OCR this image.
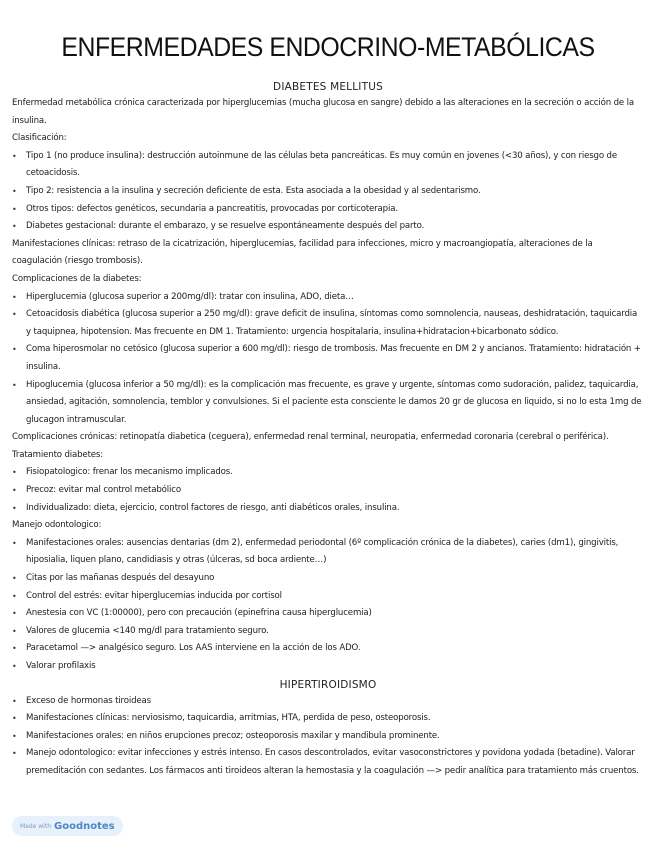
ENFERMEDADES ENDOCRINO-METABÓLICAS
DIABETES MELLITUS

Enfermedad metabólica crónica caracterizada por hiperglucemias (mucha glucosa en sangre) debido a las alteraciones en la secreción o acción de la insulina.

Clasificación:

• Tipo 1 (no produce insulina): destrucción autoinmune de las células beta pancreáticas. Es muy común en jovenes (<30 años), y con riesgo de cetoacidosis.
• Tipo 2: resistencia a la insulina y secreción deficiente de esta. Esta asociada a la obesidad y al sedentarismo.
• Otros tipos: defectos genéticos, secundaria a pancreatitis, provocadas por corticoterapia.
• Diabetes gestacional: durante el embarazo, y se resuelve espontáneamente después del parto.

Manifestaciones clínicas: retraso de la cicatrización, hiperglucemias, facilidad para infecciones, micro y macroangiopatía, alteraciones de la coagulación (riesgo trombosis).

Complicaciones de la diabetes:

• Hiperglucemia (glucosa superior a 200mg/dl): tratar con insulina, ADO, dieta…
• Cetoacidosis diabética (glucosa superior a 250 mg/dl): grave deficit de insulina, síntomas como somnolencia, nauseas, deshidratación, taquicardia y taquipnea, hipotension. Mas frecuente en DM 1. Tratamiento: urgencia hospitalaria, insulina+hidratacion+bicarbonato sódico.
• Coma hiperosmolar no cetósico (glucosa superior a 600 mg/dl): riesgo de trombosis. Mas frecuente en DM 2 y ancianos. Tratamiento: hidratación + insulina.
• Hipoglucemia (glucosa inferior a 50 mg/dl): es la complicación mas frecuente, es grave y urgente, síntomas como sudoración, palidez, taquicardia, ansiedad, agitación, somnolencia, temblor y convulsiones. Si el paciente esta consciente le damos 20 gr de glucosa en liquido, si no lo esta 1mg de glucagon intramuscular.

Complicaciones crónicas: retinopatía diabetica (ceguera), enfermedad renal terminal, neuropatia, enfermedad coronaria (cerebral o periférica).

Tratamiento diabetes:

• Fisiopatologico: frenar los mecanismo implicados.
• Precoz: evitar mal control metabólico
• Individualizado: dieta, ejercicio, control factores de riesgo, anti diabéticos orales, insulina.

Manejo odontologico:

• Manifestaciones orales: ausencias dentarias (dm 2), enfermedad periodontal (6º complicación crónica de la diabetes), caries (dm1), gingivitis, hiposialia, liquen plano, candidiasis y otras (úlceras, sd boca ardiente…)
• Citas por las mañanas después del desayuno
• Control del estrés: evitar hiperglucemias inducida por cortisol
• Anestesia con VC (1:00000), pero con precaución (epinefrina causa hiperglucemia)
• Valores de glucemia <140 mg/dl para tratamiento seguro.
• Paracetamol —> analgésico seguro. Los AAS interviene en la acción de los ADO.
• Valorar profilaxis
HIPERTIROIDISMO
• Exceso de hormonas tiroideas
• Manifestaciones clínicas: nerviosismo, taquicardia, arritmias, HTA, perdida de peso, osteoporosis.
• Manifestaciones orales: en niños erupciones precoz; osteoporosis maxilar y mandibula prominente.
• Manejo odontologico: evitar infecciones y estrés intenso. En casos descontrolados, evitar vasoconstrictores y povidona yodada (betadine). Valorar premeditación con sedantes. Los fármacos anti tiroideos alteran la hemostasia y la coagulación —> pedir analítica para tratamiento más cruentos.
Made with Goodnotes
